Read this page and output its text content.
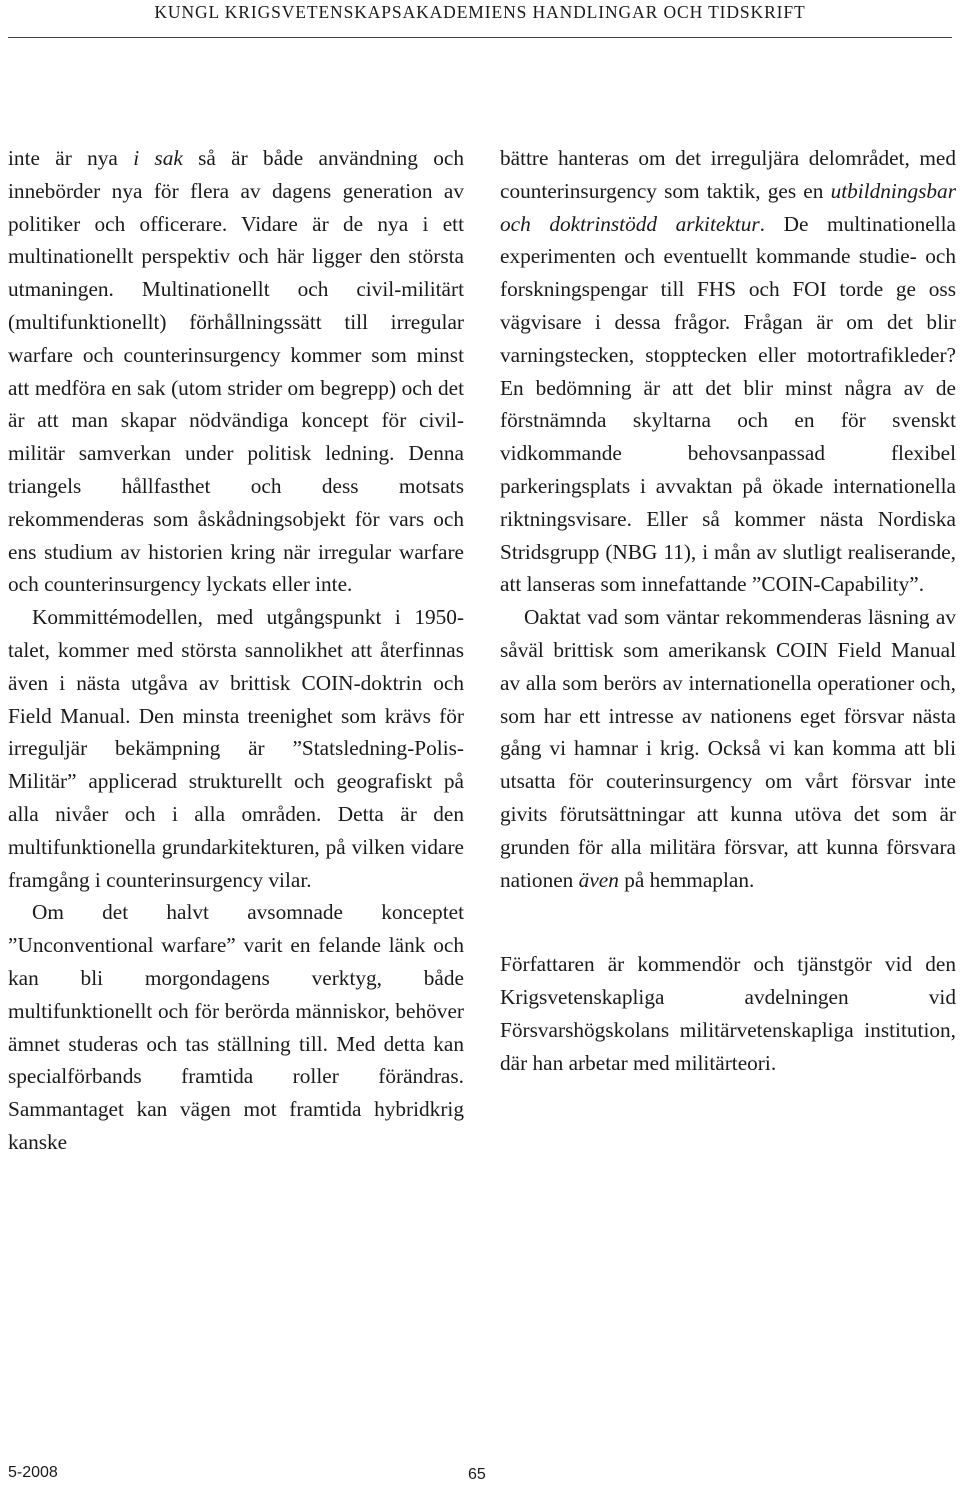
KUNGL KRIGSVETENSKAPSAKADEMIENS HANDLINGAR OCH TIDSKRIFT

inte är nya i sak så är både användning och innebörder nya för flera av dagens generation av politiker och officerare. Vidare är de nya i ett multinationellt perspektiv och här ligger den största utmaningen. Multinationellt och civil-militärt (multifunktionellt) förhållningssätt till irregular warfare och counterinsurgency kommer som minst att medföra en sak (utom strider om begrepp) och det är att man skapar nödvändiga koncept för civil-militär samverkan under politisk ledning. Denna triangels hållfasthet och dess motsats rekommenderas som åskådningsobjekt för vars och ens studium av historien kring när irregular warfare och counterinsurgency lyckats eller inte.

Kommittémodellen, med utgångspunkt i 1950-talet, kommer med största sannolikhet att återfinnas även i nästa utgåva av brittisk COIN-doktrin och Field Manual. Den minsta treenighet som krävs för irreguljär bekämpning är ”Statsledning-Polis-Militär” applicerad strukturellt och geografiskt på alla nivåer och i alla områden. Detta är den multifunktionella grundarkitekturen, på vilken vidare framgång i counterinsurgency vilar.

Om det halvt avsomnade konceptet ”Unconventional warfare” varit en felande länk och kan bli morgondagens verktyg, både multifunktionellt och för berörda människor, behöver ämnet studeras och tas ställning till. Med detta kan specialförbands framtida roller förändras. Sammantaget kan vägen mot framtida hybridkrig kanske

bättre hanteras om det irreguljära delområdet, med counterinsurgency som taktik, ges en utbildningsbar och doktrinstödd arkitektur. De multinationella experimenten och eventuellt kommande studie- och forskningspengar till FHS och FOI torde ge oss vägvisare i dessa frågor. Frågan är om det blir varningstecken, stopptecken eller motortrafikleder? En bedömning är att det blir minst några av de förstnämnda skyltarna och en för svenskt vidkommande behovsanpassad flexibel parkeringsplats i avvaktan på ökade internationella riktningsvisare. Eller så kommer nästa Nordiska Stridsgrupp (NBG 11), i mån av slutligt realiserande, att lanseras som innefattande ”COIN-Capability”.

Oaktat vad som väntar rekommenderas läsning av såväl brittisk som amerikansk COIN Field Manual av alla som berörs av internationella operationer och, som har ett intresse av nationens eget försvar nästa gång vi hamnar i krig. Också vi kan komma att bli utsatta för couterinsurgency om vårt försvar inte givits förutsättningar att kunna utöva det som är grunden för alla militära försvar, att kunna försvara nationen även på hemmaplan.

Författaren är kommendör och tjänstgör vid den Krigsvetenskapliga avdelningen vid Försvarshögskolans militärvetenskapliga institution, där han arbetar med militärteori.

5-2008	65
